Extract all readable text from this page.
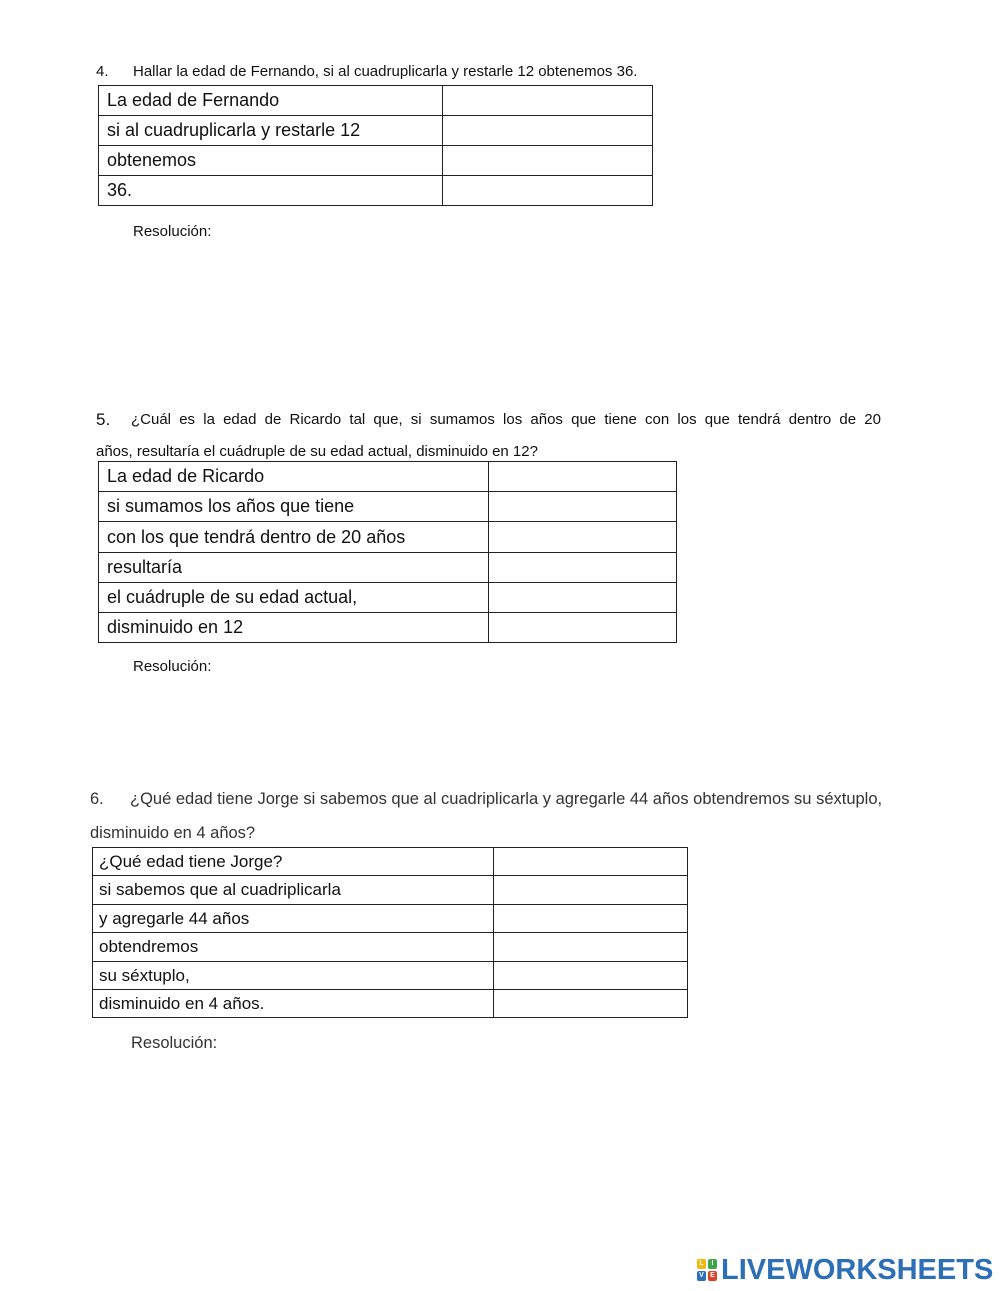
4. Hallar la edad de Fernando, si al cuadruplicarla y restarle 12 obtenemos 36.
La edad de Fernando	
si al cuadruplicarla y restarle 12	
obtenemos	
36.	
Resolución:
5.	¿Cuál es la edad de Ricardo tal que, si sumamos los años que tiene con los que tendrá dentro de 20
años, resultaría el cuádruple de su edad actual, disminuido en 12?
La edad de Ricardo	
si sumamos los años que tiene	
con los que tendrá dentro de 20 años	
resultaría	
el cuádruple de su edad actual,	
disminuido en 12	
Resolución:
6. ¿Qué edad tiene Jorge si sabemos que al cuadriplicarla y agregarle 44 años obtendremos su séxtuplo,
disminuido en 4 años?
¿Qué edad tiene Jorge?	
si sabemos que al cuadriplicarla	
y agregarle 44 años	
obtendremos	
su séxtuplo,	
disminuido en 4 años.	
Resolución:
L	I
V E LIVEWORKSHEETS
